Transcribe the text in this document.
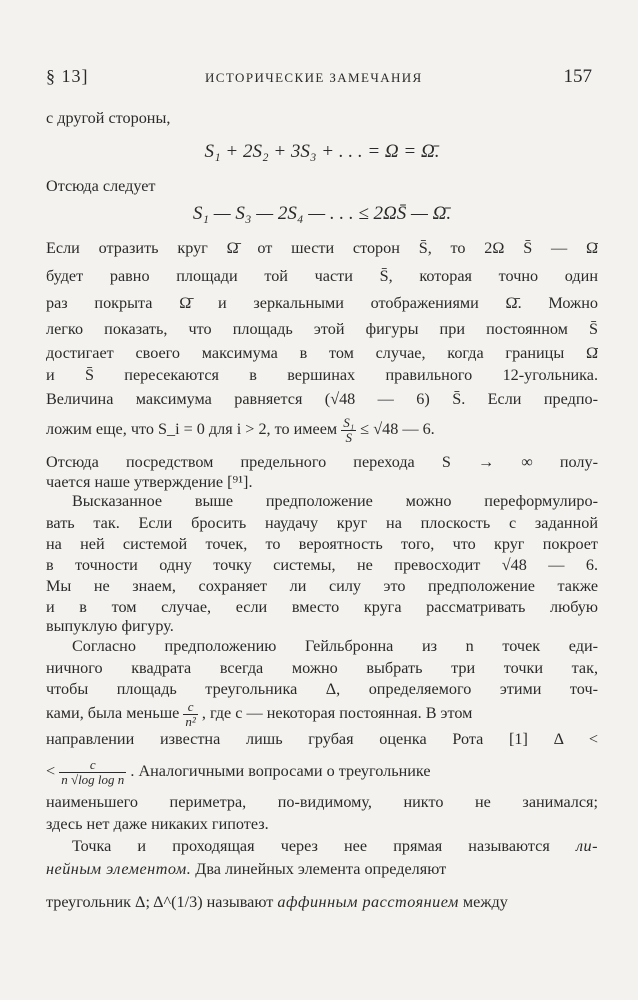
§ 13]	ИСТОРИЧЕСКИЕ ЗАМЕЧАНИЯ	157
с другой стороны,
S₁ + 2S₂ + 3S₃ + . . . = Ω = Ω̄.
Отсюда следует
S₁ — S₃ — 2S₄ — . . . ≤ 2ΩS̄ — Ω̄.
Если отразить круг Ω̄ от шести сторон S̄, то 2Ω S̄ — Ω̄
будет равно площади той части S̄, которая точно один
раз покрыта Ω̄ и зеркальными отображениями Ω̄. Можно
легко показать, что площадь этой фигуры при постоянном S̄
достигает своего максимума в том случае, когда границы Ω̄
и S̄ пересекаются в вершинах правильного 12-угольника.
Величина максимума равняется (√48 — 6) S̄. Если предпо-
ложим еще, что S_i = 0 для i > 2, то имеем $\frac{\text{S₁}}{S} \le √48$ — 6.
Отсюда посредством предельного перехода S → ∞ полу-
чается наше утверждение [⁹¹].
Высказанное выше предположение можно переформулиро-
вать так. Если бросить наудачу круг на плоскость с заданной
на ней системой точек, то вероятность того, что круг покроет
в точности одну точку системы, не превосходит √48 — 6.
Мы не знаем, сохраняет ли силу это предположение также
и в том случае, если вместо круга рассматривать любую
выпуклую фигуру.
Согласно предположению Гейльбронна из n точек еди-
ничного квадрата всегда можно выбрать три точки так,
чтобы площадь треугольника Δ, определяемого этими точ-
ками, была меньше $\frac{c}{\text{n²}}$ , где c — некоторая постоянная. В этом
направлении известна лишь грубая оценка Рота [1] Δ <
< $\frac{c}{\text{n √log log n}}$ . Аналогичными вопросами о треугольнике
наименьшего периметра, по-видимому, никто не занимался;
здесь нет даже никаких гипотез.
Точка и проходящая через нее прямая называются ли-
нейным элементом. Два линейных элемента определяют
треугольник Δ; Δ^(1/3) называют аффинным расстоянием между
